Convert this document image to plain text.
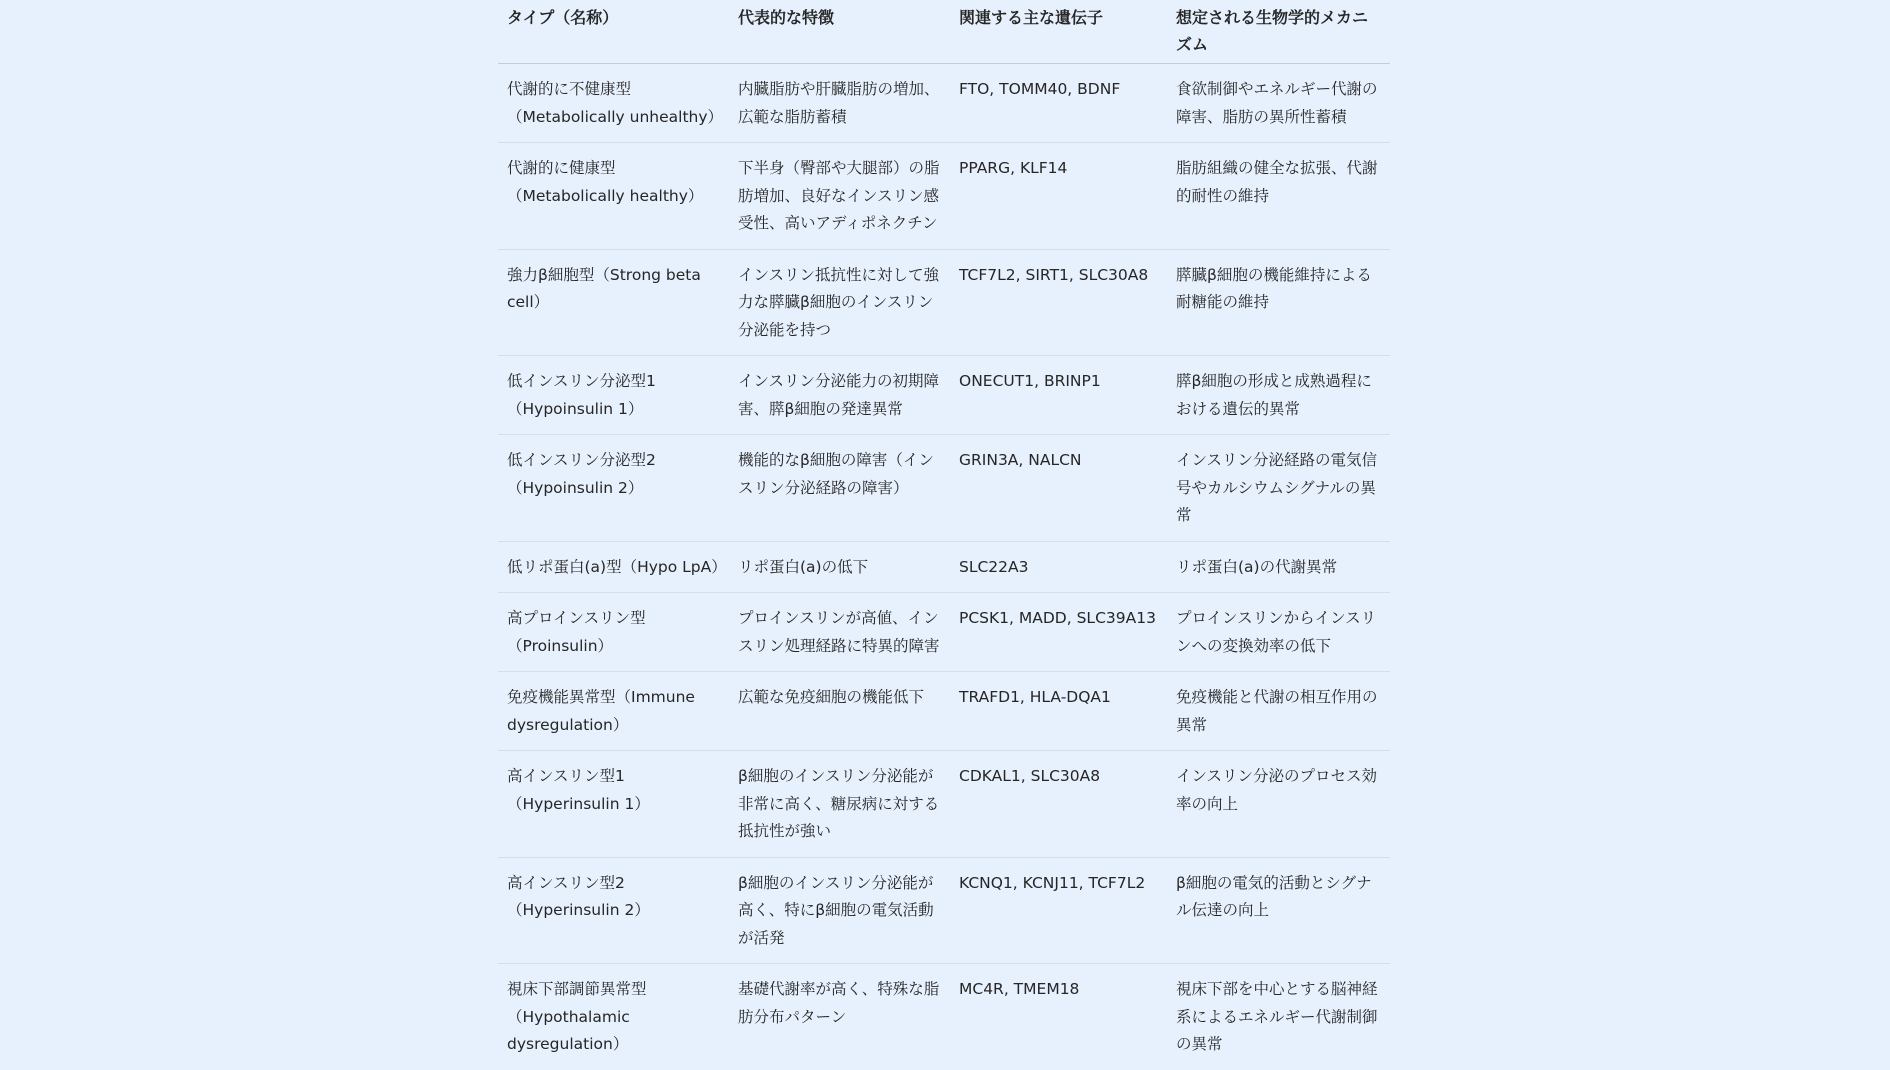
タイプ（名称）	代表的な特徴	関連する主な遺伝子	想定される生物学的メカニズム
代謝的に不健康型（Metabolically unhealthy）	内臓脂肪や肝臓脂肪の増加、広範な脂肪蓄積	FTO, TOMM40, BDNF	食欲制御やエネルギー代謝の障害、脂肪の異所性蓄積
代謝的に健康型（Metabolically healthy）	下半身（臀部や大腿部）の脂肪増加、良好なインスリン感受性、高いアディポネクチン	PPARG, KLF14	脂肪組織の健全な拡張、代謝的耐性の維持
強力β細胞型（Strong beta cell）	インスリン抵抗性に対して強力な膵臓β細胞のインスリン分泌能を持つ	TCF7L2, SIRT1, SLC30A8	膵臓β細胞の機能維持による耐糖能の維持
低インスリン分泌型1（Hypoinsulin 1）	インスリン分泌能力の初期障害、膵β細胞の発達異常	ONECUT1, BRINP1	膵β細胞の形成と成熟過程における遺伝的異常
低インスリン分泌型2（Hypoinsulin 2）	機能的なβ細胞の障害（インスリン分泌経路の障害）	GRIN3A, NALCN	インスリン分泌経路の電気信号やカルシウムシグナルの異常
低リポ蛋白(a)型（Hypo LpA）	リポ蛋白(a)の低下	SLC22A3	リポ蛋白(a)の代謝異常
高プロインスリン型（Proinsulin）	プロインスリンが高値、インスリン処理経路に特異的障害	PCSK1, MADD, SLC39A13	プロインスリンからインスリンへの変換効率の低下
免疫機能異常型（Immune dysregulation）	広範な免疫細胞の機能低下	TRAFD1, HLA-DQA1	免疫機能と代謝の相互作用の異常
高インスリン型1（Hyperinsulin 1）	β細胞のインスリン分泌能が非常に高く、糖尿病に対する抵抗性が強い	CDKAL1, SLC30A8	インスリン分泌のプロセス効率の向上
高インスリン型2（Hyperinsulin 2）	β細胞のインスリン分泌能が高く、特にβ細胞の電気活動が活発	KCNQ1, KCNJ11, TCF7L2	β細胞の電気的活動とシグナル伝達の向上
視床下部調節異常型（Hypothalamic dysregulation）	基礎代謝率が高く、特殊な脂肪分布パターン	MC4R, TMEM18	視床下部を中心とする脳神経系によるエネルギー代謝制御の異常
